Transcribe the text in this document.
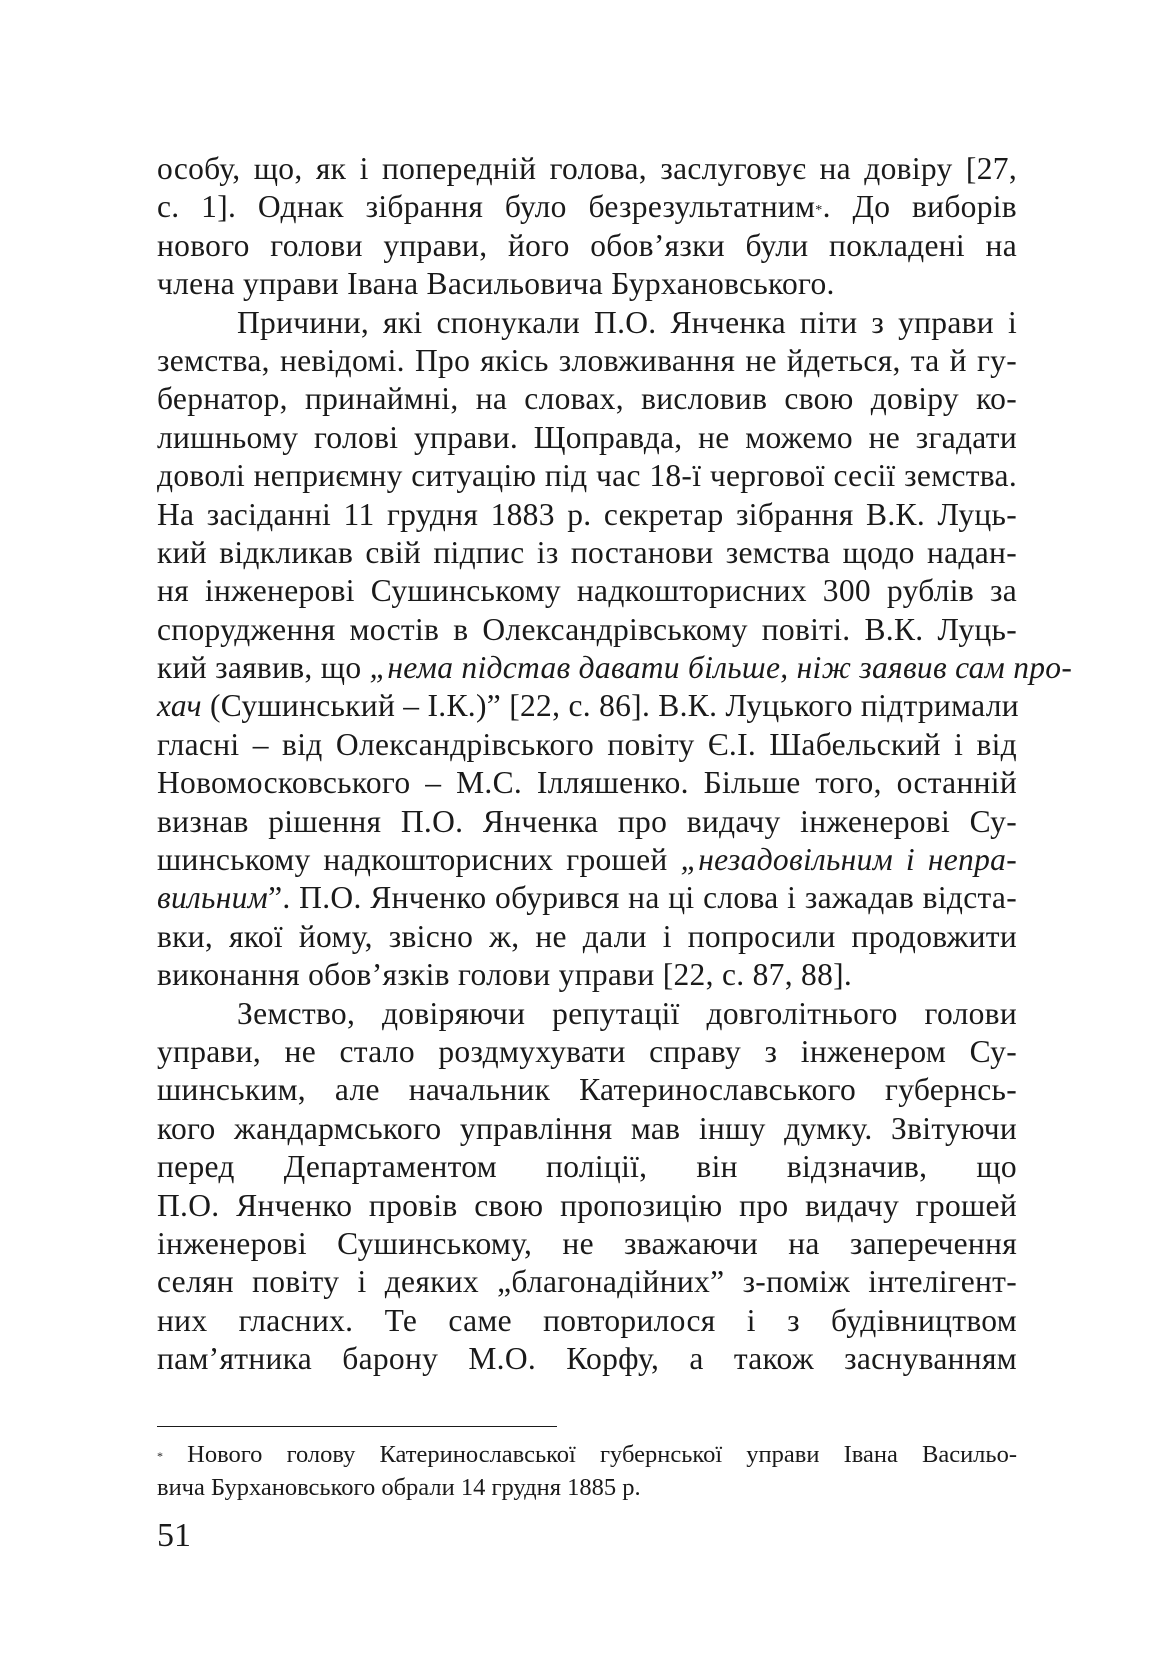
особу, що, як і попередній голова, заслуговує на довіру [27,
с. 1]. Однак зібрання було безрезультатним*. До виборів
нового голови управи, його обов’язки були покладені на
члена управи Івана Васильовича Бурхановського.
Причини, які спонукали П.О. Янченка піти з управи і
земства, невідомі. Про якісь зловживання не йдеться, та й гу-
бернатор, принаймні, на словах, висловив свою довіру ко-
лишньому голові управи. Щоправда, не можемо не згадати
доволі неприємну ситуацію під час 18-ї чергової сесії земства.
На засіданні 11 грудня 1883 р. секретар зібрання В.К. Луць-
кий відкликав свій підпис із постанови земства щодо надан-
ня інженерові Сушинському надкошторисних 300 рублів за
спорудження мостів в Олександрівському повіті. В.К. Луць-
кий заявив, що „нема підстав давати більше, ніж заявив сам про-
хач (Сушинський – І.К.)” [22, с. 86]. В.К. Луцького підтримали
гласні – від Олександрівського повіту Є.І. Шабельский і від
Новомосковського – М.С. Ілляшенко. Більше того, останній
визнав рішення П.О. Янченка про видачу інженерові Су-
шинському надкошторисних грошей „незадовільним і непра-
вильним”. П.О. Янченко обурився на ці слова і зажадав відста-
вки, якої йому, звісно ж, не дали і попросили продовжити
виконання обов’язків голови управи [22, с. 87, 88].
Земство, довіряючи репутації довголітнього голови
управи, не стало роздмухувати справу з інженером Су-
шинським, але начальник Катеринославського губернсь-
кого жандармського управління мав іншу думку. Звітуючи
перед Департаментом поліції, він відзначив, що
П.О. Янченко провів свою пропозицію про видачу грошей
інженерові Сушинському, не зважаючи на заперечення
селян повіту і деяких „благонадійних” з-поміж інтелігент-
них гласних. Те саме повторилося і з будівництвом
пам’ятника барону М.О. Корфу, а також заснуванням
* Нового голову Катеринославської губернської управи Івана Васильо-
вича Бурхановського обрали 14 грудня 1885 р.
51
